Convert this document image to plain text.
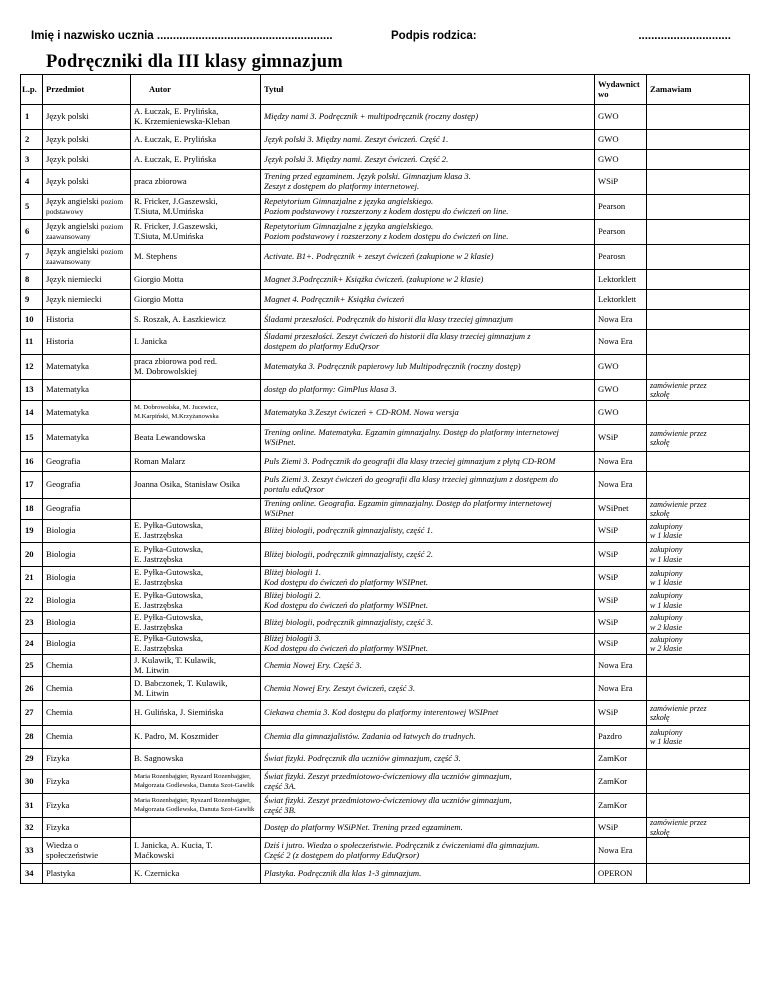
Imię i nazwisko ucznia .......................................................	Podpis rodzica:	.............................
Podręczniki dla III klasy gimnazjum
L.p.	Przedmiot	Autor	Tytuł	Wydawnictwo	Zamawiam
1	Język polski	A. Łuczak, E. Prylińska,
K. Krzemieniewska-Kleban	Między nami 3. Podręcznik + multipodręcznik (roczny dostęp)	GWO	
2	Język polski	A. Łuczak, E. Prylińska	Język polski 3. Między nami. Zeszyt ćwiczeń. Część 1.	GWO	
3	Język polski	A. Łuczak, E. Prylińska	Język polski 3. Między nami. Zeszyt ćwiczeń. Część 2.	GWO	
4	Język polski	praca zbiorowa	Trening przed egzaminem. Język polski. Gimnazjum klasa 3.
Zeszyt z dostępem do platformy internetowej.	WSiP	
5	Język angielski poziom podstawowy	R. Fricker, J.Gaszewski,
T.Siuta, M.Umińska	Repetytorium Gimnazjalne z języka angielskiego.
Poziom podstawowy i rozszerzony z kodem dostępu do ćwiczeń on line.	Pearson	
6	Język angielski poziom zaawansowany	R. Fricker, J.Gaszewski,
T.Siuta, M.Umińska	Repetytorium Gimnazjalne z języka angielskiego.
Poziom podstawowy i rozszerzony z kodem dostępu do ćwiczeń on line.	Pearson	
7	Język angielski poziom zaawansowany	M. Stephens	Activate. B1+. Podręcznik + zeszyt ćwiczeń (zakupione w 2 klasie)	Pearosn	
8	Język niemiecki	Giorgio Motta	Magnet 3.Podręcznik+ Książka ćwiczeń. (zakupione w 2 klasie)	Lektorklett	
9	Język niemiecki	Giorgio Motta	Magnet 4. Podręcznik+ Książka ćwiczeń	Lektorklett	
10	Historia	S. Roszak, A. Łaszkiewicz	Śladami przeszłości. Podręcznik do historii dla klasy trzeciej gimnazjum	Nowa Era	
11	Historia	I. Janicka	Śladami przeszłości. Zeszyt ćwiczeń do historii dla klasy trzeciej gimnazjum z
dostępem do platformy EduQrsor	Nowa Era	
12	Matematyka	praca zbiorowa pod red.
M. Dobrowolskiej	Matematyka 3. Podręcznik papierowy lub Multipodręcznik (roczny dostęp)	GWO	
13	Matematyka		dostęp do platformy: GimPlus klasa 3.	GWO	zamówienie przez
szkołę
14	Matematyka	M. Dobrowolska, M. Jucewicz,
M.Karpiński, M.Krzyżanowska	Matematyka 3.Zeszyt ćwiczeń + CD-ROM. Nowa wersja	GWO	
15	Matematyka	Beata Lewandowska	Trening online. Matematyka. Egzamin gimnazjalny. Dostęp do platformy internetowej
WSiPnet.	WSiP	zamówienie przez
szkołę
16	Geografia	Roman Malarz	Puls Ziemi 3. Podręcznik do geografii dla klasy trzeciej gimnazjum z płytą CD-ROM	Nowa Era	
17	Geografia	Joanna Osika, Stanisław Osika	Puls Ziemi 3. Zeszyt ćwiczeń do geografii dla klasy trzeciej gimnazjum z dostępem do
portalu eduQrsor	Nowa Era	
18	Geografia		Trening online. Geografia. Egzamin gimnazjalny. Dostęp do platformy internetowej
WSiPnet	WSiPnet	zamówienie przez
szkołę
19	Biologia	E. Pyłka-Gutowska,
E. Jastrzębska	Bliżej biologii, podręcznik gimnazjalisty, część 1.	WSiP	zakupiony
w 1 klasie
20	Biologia	E. Pyłka-Gutowska,
E. Jastrzębska	Bliżej biologii, podręcznik gimnazjalisty, część 2.	WSiP	zakupiony
w 1 klasie
21	Biologia	E. Pyłka-Gutowska,
E. Jastrzębska	Bliżej biologii 1.
Kod dostępu do ćwiczeń do platformy WSIPnet.	WSiP	zakupiony
w 1 klasie
22	Biologia	E. Pyłka-Gutowska,
E. Jastrzębska	Bliżej biologii 2.
Kod dostępu do ćwiczeń do platformy WSIPnet.	WSiP	zakupiony
w 1 klasie
23	Biologia	E. Pyłka-Gutowska,
E. Jastrzębska	Bliżej biologii, podręcznik gimnazjalisty, część 3.	WSiP	zakupiony
w 2 klasie
24	Biologia	E. Pyłka-Gutowska,
E. Jastrzębska	Bliżej biologii 3.
Kod dostępu do ćwiczeń do platformy WSIPnet.	WSiP	zakupiony
w 2 klasie
25	Chemia	J. Kulawik, T. Kulawik,
M. Litwin	Chemia Nowej Ery. Część 3.	Nowa Era	
26	Chemia	D. Babczonek, T. Kulawik,
M. Litwin	Chemia Nowej Ery. Zeszyt ćwiczeń, część 3.	Nowa Era	
27	Chemia	H. Gulińska, J. Siemińska	Ciekawa chemia 3. Kod dostępu do platformy interentowej WSIPnet	WSiP	zamówienie przez
szkołę
28	Chemia	K. Padro, M. Koszmider	Chemia dla gimnazjalistów. Zadania od łatwych do trudnych.	Pazdro	zakupiony
w 1 klasie
29	Fizyka	B. Sagnowska	Świat fizyki. Podręcznik dla uczniów gimnazjum, część 3.	ZamKor	
30	Fizyka	Maria Rozenbajgier, Ryszard Rozenbajgier,
Małgorzata Godlewska, Danuta Szot-Gawlik	Świat fizyki. Zeszyt przedmiotowo-ćwiczeniowy dla uczniów gimnazjum,
część 3A.	ZamKor	
31	Fizyka	Maria Rozenbajgier, Ryszard Rozenbajgier,
Małgorzata Godlewska, Danuta Szot-Gawlik	Świat fizyki. Zeszyt przedmiotowo-ćwiczeniowy dla uczniów gimnazjum,
część 3B.	ZamKor	
32	Fizyka		Dostęp do platformy WSiPNet. Trening przed egzaminem.	WSiP	zamówienie przez
szkołę
33	Wiedza o
społeczeństwie	I. Janicka, A. Kucia, T.
Maćkowski	Dziś i jutro. Wiedza o społeczeństwie. Podręcznik z ćwiczeniami dla gimnazjum.
Część 2 (z dostępem do platformy EduQrsor)	Nowa Era	
34	Plastyka	K. Czernicka	Plastyka. Podręcznik dla klas 1-3 gimnazjum.	OPERON	
